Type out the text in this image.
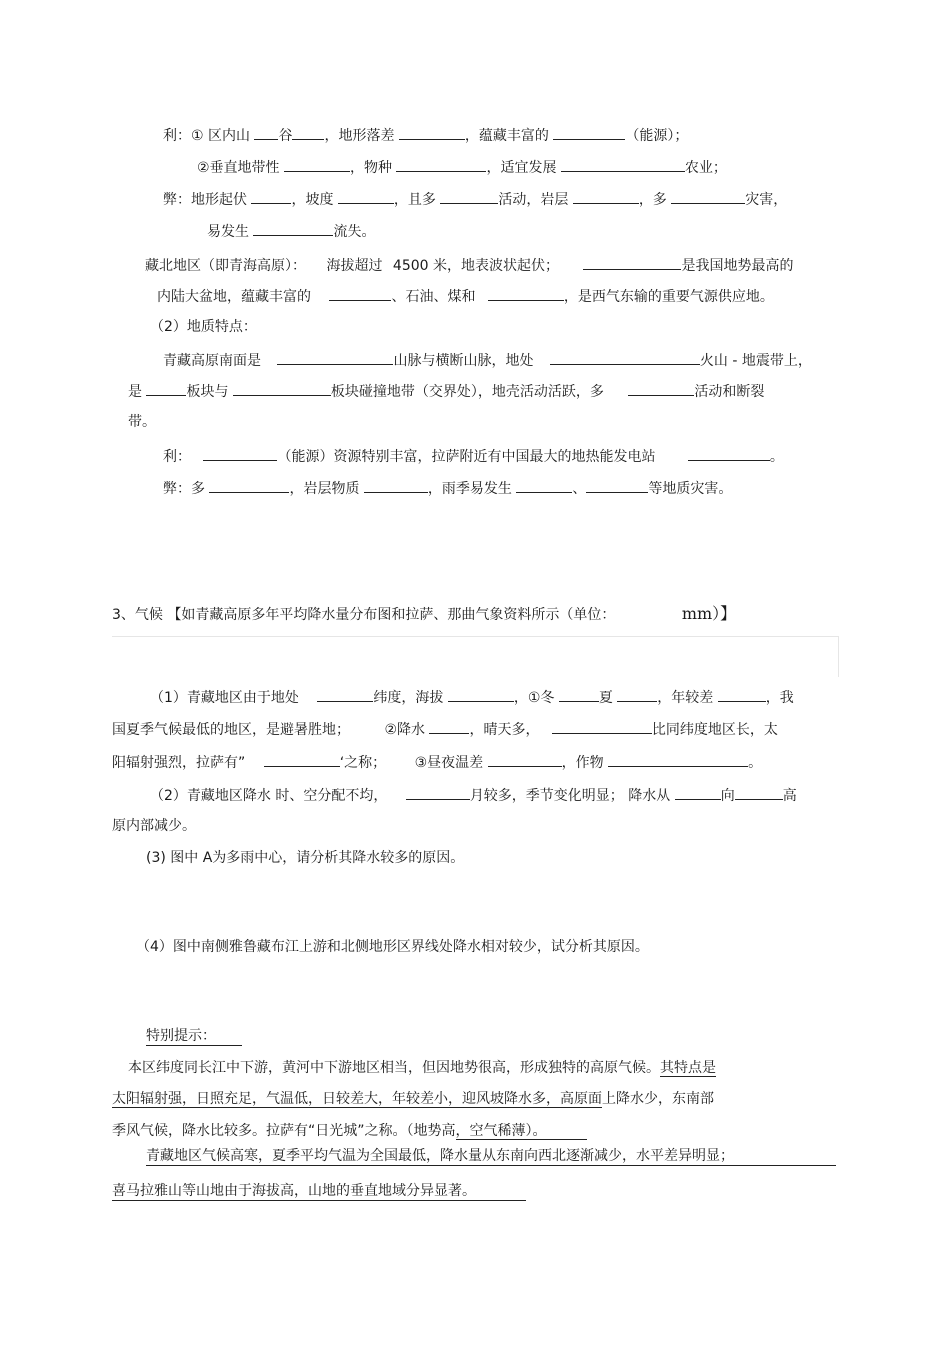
利：① 区内山 谷 ，地形落差	，蕴藏丰富的	（能源）；
②垂直地带性	，物种	，适宜发展	农业；
弊：地形起伏	，坡度	，且多	活动，岩层	，多	灾害，
易发生	流失。
藏北地区（即青海高原）： 海拔超过 4500 米，地表波状起伏；	是我国地势最高的
内陆大盆地，蕴藏丰富的	、石油、煤和	，是西气东输的重要气源供应地。
（2）地质特点：
青藏高原南面是	山脉与横断山脉，地处	火山 - 地震带上，
是	板块与	板块碰撞地带（交界处），地壳活动活跃，多	活动和断裂
带。
利：	（能源）资源特别丰富，拉萨附近有中国最大的地热能发电站	。
弊：多	，岩层物质	，雨季易发生	、	等地质灾害。
3、气候 【如青藏高原多年平均降水量分布图和拉萨、那曲气象资料所示（单位：	mm）】
（1）青藏地区由于地处	纬度，海拔	，①冬	夏	，年较差	，我
国夏季气候最低的地区，是避暑胜地； ②降水	，晴天多，	比同纬度地区长，太
阳辐射强烈，拉萨有”	‘之称； ③昼夜温差	，作物	。
（2）青藏地区降水 时、空分配不均，	月较多，季节变化明显； 降水从	向	高
原内部减少。
(3) 图中 A为多雨中心，请分析其降水较多的原因。
（4）图中南侧雅鲁藏布江上游和北侧地形区界线处降水相对较少，试分析其原因。
特别提示：
本区纬度同长江中下游，黄河中下游地区相当，但因地势很高，形成独特的高原气候。其特点是
太阳辐射强，日照充足，气温低，日较差大，年较差小，迎风坡降水多，高原面上降水少，东南部
季风气候，降水比较多。拉萨有“日光城”之称。（地势高，空气稀薄）。
青藏地区气候高寒，夏季平均气温为全国最低，降水量从东南向西北逐渐减少，水平差异明显；
喜马拉雅山等山地由于海拔高，山地的垂直地域分异显著。
